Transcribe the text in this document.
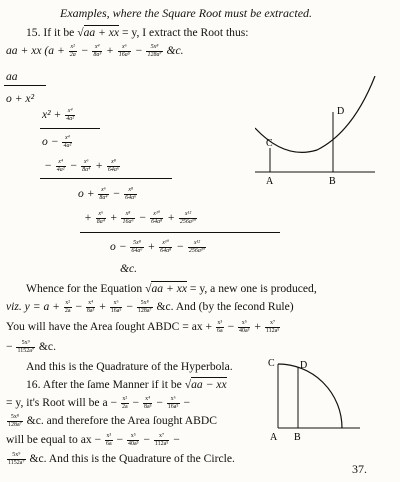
Examples, where the Square Root must be extracted.
15. If it be √aa + xx = y, I extract the Root thus:
aa + xx ($a + \frac{\text{x²}}{2a} - \frac{\text{x⁴}}{\text{8a³}} + \frac{\text{x⁶}}{\text{16a⁵}} - \frac{\text{5x⁸}}{\text{128a⁷}}$ &c.
aa
o + x²
$x^2 + \frac{\text{x⁴}}{\text{4a²}}$
$o - \frac{\text{x⁴}}{\text{4a²}}$
− $\frac{\text{x⁴}}{\text{4a²}} - \frac{\text{x⁶}}{\text{8a⁴}} + \frac{\text{x⁸}}{\text{64a⁶}}$
$o + \frac{\text{x⁶}}{\text{8a⁴}} - \frac{\text{x⁸}}{\text{64a⁶}}$
+ $\frac{\text{x⁶}}{\text{8a⁴}} + \frac{\text{x⁸}}{\text{16a⁶}} - \frac{\text{x¹⁰}}{\text{64a⁸}} + \frac{\text{x¹²}}{\text{256a¹⁰}}$
$o - \frac{\text{5x⁸}}{\text{64a⁶}} + \frac{\text{x¹⁰}}{\text{64a⁸}} - \frac{\text{x¹²}}{\text{256a¹⁰}}$
&c.
C
D
A	B
Whence for the Equation √aa + xx = y, a new one is produced,
viz. $y = a + \frac{\text{x²}}{2a} - \frac{\text{x⁴}}{\text{8a³}} + \frac{\text{x⁶}}{\text{16a⁵}} - \frac{\text{5x⁸}}{\text{128a⁷}}$ &c. And (by the ſecond Rule)
You will have the Area ſought ABDC = ax + $\frac{\text{x³}}{6a} - \frac{\text{x⁵}}{\text{40a³}} + \frac{\text{x⁷}}{\text{112a⁵}}$
− $\frac{\text{5x⁹}}{\text{1152a⁷}}$ &c.
And this is the Quadrature of the Hyperbola.
16. After the ſame Manner if it be √aa − xx
= y, it's Root will be $a - \frac{\text{x²}}{2a} - \frac{\text{x⁴}}{\text{8a³}} - \frac{\text{x⁶}}{\text{16a⁵}}$ −
$\frac{\text{5x⁸}}{\text{128a⁷}}$ &c. and therefore the Area ſought ABDC
will be equal to ax − $\frac{\text{x³}}{6a} - \frac{\text{x⁵}}{\text{40a³}} - \frac{\text{x⁷}}{\text{112a⁵}}$ −
$\frac{\text{5x⁹}}{\text{1152a⁷}}$ &c. And this is the Quadrature of the Circle.
C	D
A B
37.
